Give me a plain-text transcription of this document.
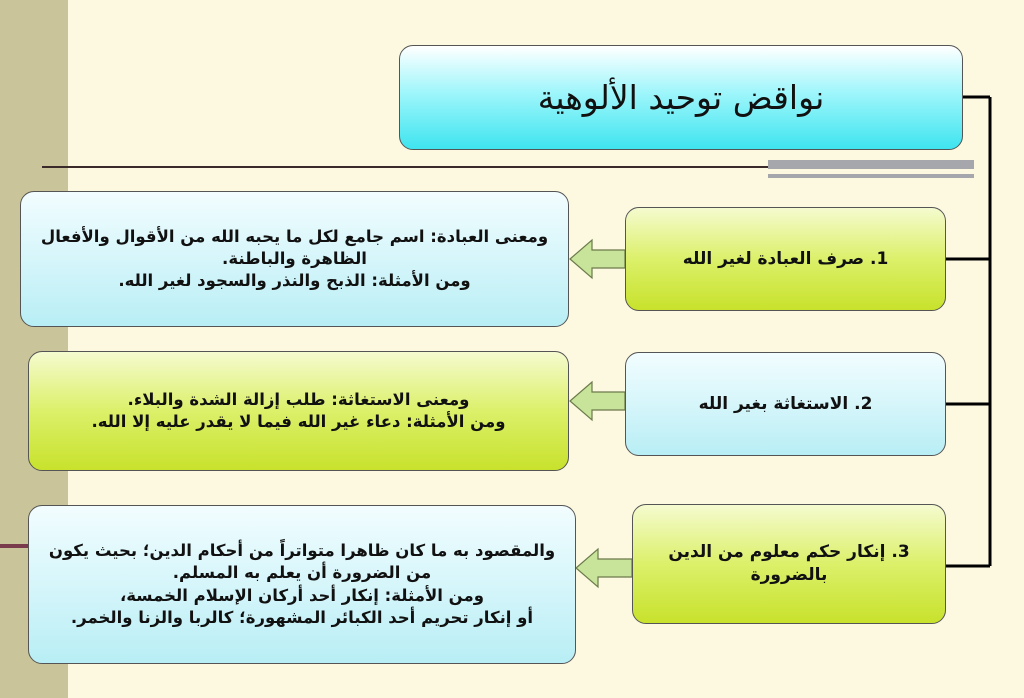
نواقض توحيد الألوهية
1. صرف العبادة لغير الله
ومعنى العبادة: اسم جامع لكل ما يحبه الله من الأقوال والأفعال
الظاهرة والباطنة.
ومن الأمثلة: الذبح والنذر والسجود لغير الله.
2. الاستغاثة بغير الله
ومعنى الاستغاثة: طلب إزالة الشدة والبلاء.
ومن الأمثلة: دعاء غير الله فيما لا يقدر عليه إلا الله.
3. إنكار حكم معلوم من الدين
بالضرورة
والمقصود به ما كان ظاهرا متواتراً من أحكام الدين؛ بحيث يكون
من الضرورة أن يعلم به المسلم.
ومن الأمثلة: إنكار أحد أركان الإسلام الخمسة،
أو إنكار تحريم أحد الكبائر المشهورة؛ كالربا والزنا والخمر.
